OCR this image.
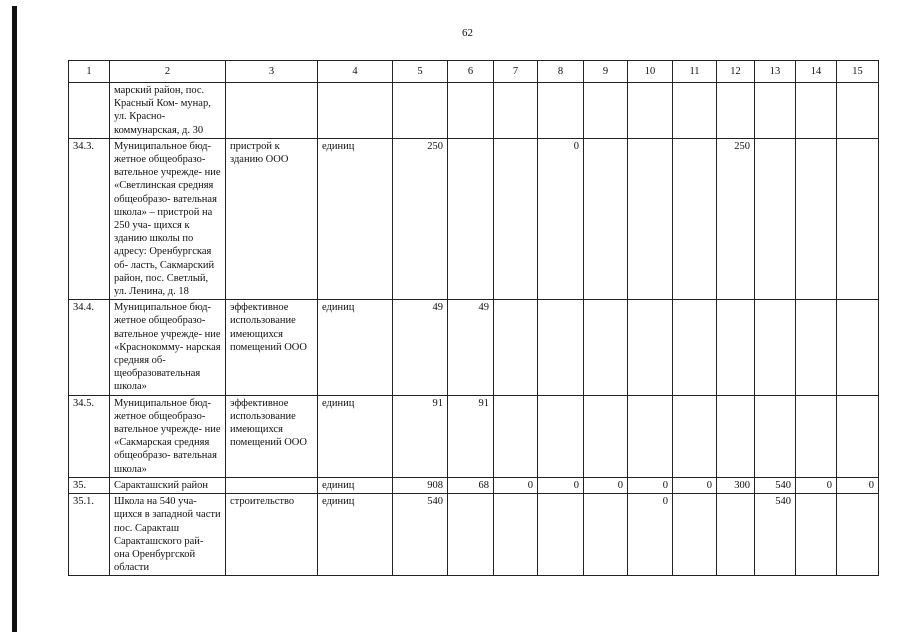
62
1	2	3	4	5	6	7	8	9	10	11	12	13	14	15
	марский район, пос. Красный Ком- мунар, ул. Красно- коммунарская, д. 30													
34.3.	Муниципальное бюд- жетное общеобразо- вательное учрежде- ние «Светлинская средняя общеобразо- вательная школа» – пристрой на 250 уча- щихся к зданию школы по адресу: Оренбургская об- ласть, Сакмарский район, пос. Светлый, ул. Ленина, д. 18	пристрой к зданию ООО	единиц	250			0				250			
34.4.	Муниципальное бюд- жетное общеобразо- вательное учрежде- ние «Краснокомму- нарская средняя об- щеобразовательная школа»	эффективное использование имеющихся помещений ООО	единиц	49	49									
34.5.	Муниципальное бюд- жетное общеобразо- вательное учрежде- ние «Сакмарская средняя общеобразо- вательная школа»	эффективное использование имеющихся помещений ООО	единиц	91	91									
35.	Саракташский район		единиц	908	68	0	0	0	0	0	300	540	0	0
35.1.	Школа на 540 уча- щихся в западной части пос. Саракташ Саракташского рай- она Оренбургской области	строительство	единиц	540					0			540		
